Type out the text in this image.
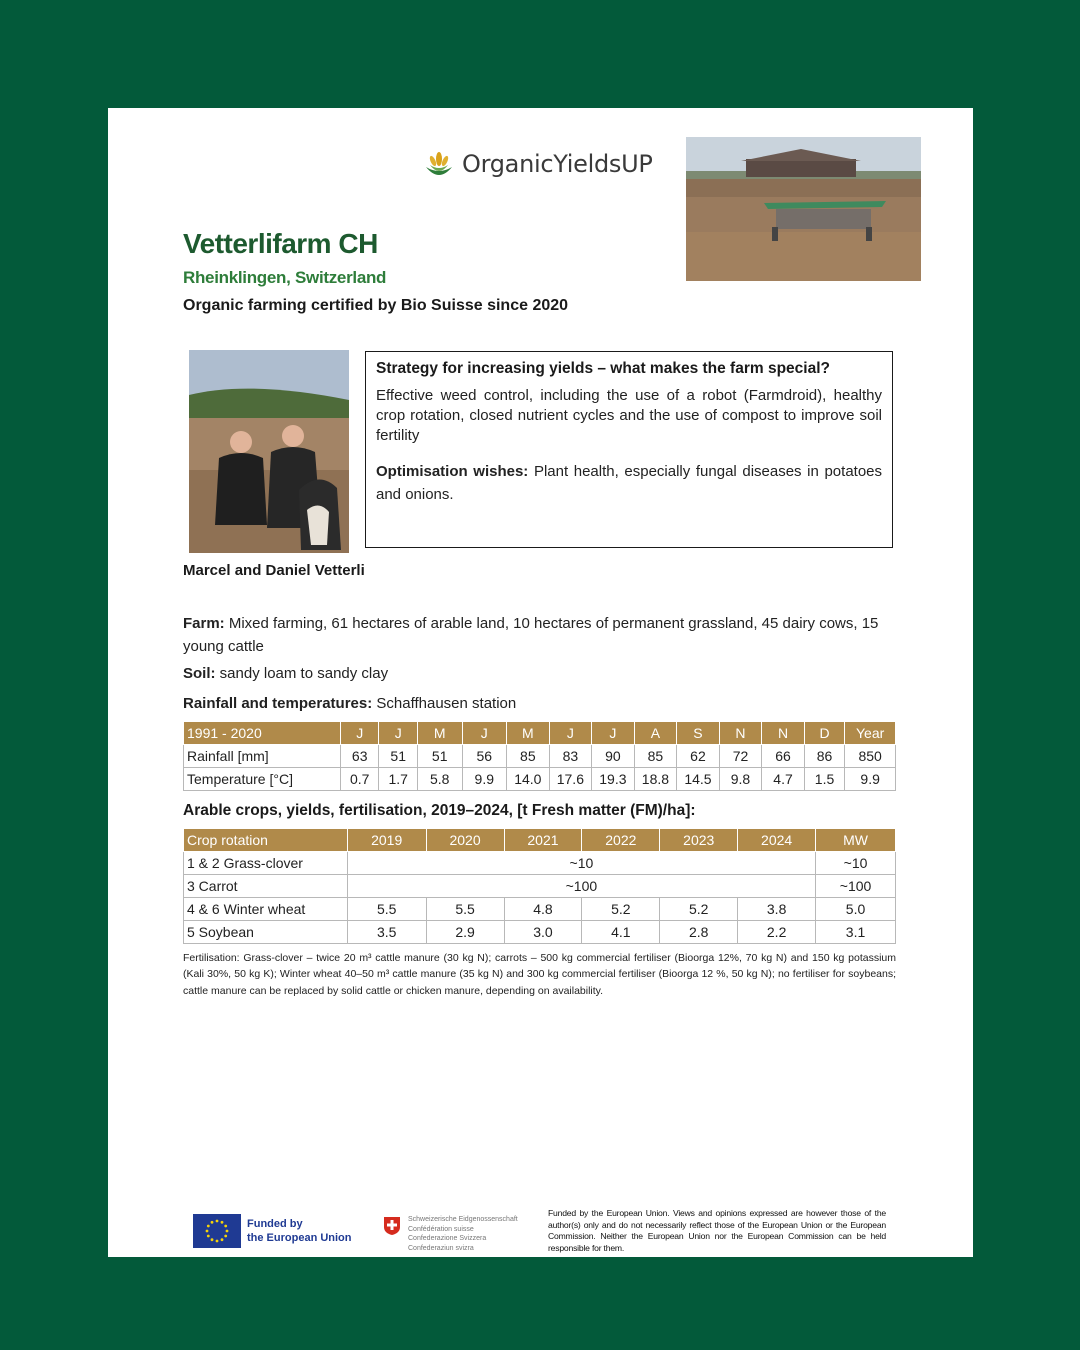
OrganicYieldsUP
Vetterlifarm CH
Rheinklingen, Switzerland
Organic farming certified by Bio Suisse since 2020
Strategy for increasing yields – what makes the farm special?
Effective weed control, including the use of a robot (Farmdroid), healthy crop rotation, closed nutrient cycles and the use of compost to improve soil fertility
Optimisation wishes: Plant health, especially fungal diseases in potatoes and onions.
Marcel and Daniel Vetterli
Farm: Mixed farming, 61 hectares of arable land, 10 hectares of permanent grassland, 45 dairy cows, 15 young cattle
Soil: sandy loam to sandy clay
Rainfall and temperatures: Schaffhausen station
1991 - 2020	J	J	M	J	M	J	J	A	S	N	N	D	Year
Rainfall [mm]	63	51	51	56	85	83	90	85	62	72	66	86	850
Temperature [°C]	0.7	1.7	5.8	9.9	14.0	17.6	19.3	18.8	14.5	9.8	4.7	1.5	9.9
Arable crops, yields, fertilisation, 2019–2024, [t Fresh matter (FM)/ha]:
Crop rotation	2019	2020	2021	2022	2023	2024	MW
1 & 2 Grass-clover	~10						~10
3 Carrot	~100						~100
4 & 6 Winter wheat	5.5	5.5	4.8	5.2	5.2	3.8	5.0
5 Soybean	3.5	2.9	3.0	4.1	2.8	2.2	3.1
Fertilisation: Grass-clover – twice 20 m³ cattle manure (30 kg N); carrots – 500 kg commercial fertiliser (Bioorga 12%, 70 kg N) and 150 kg potassium (Kali 30%, 50 kg K); Winter wheat 40–50 m³ cattle manure (35 kg N) and 300 kg commercial fertiliser (Bioorga 12 %, 50 kg N); no fertiliser for soybeans; cattle manure can be replaced by solid cattle or chicken manure, depending on availability.
Funded by
the European Union
Schweizerische Eidgenossenschaft
Confédération suisse
Confederazione Svizzera
Confederaziun svizra
Funded by the European Union. Views and opinions expressed are however those of the author(s) only and do not necessarily reflect those of the European Union or the European Commission. Neither the European Union nor the European Commission can be held responsible for them.
